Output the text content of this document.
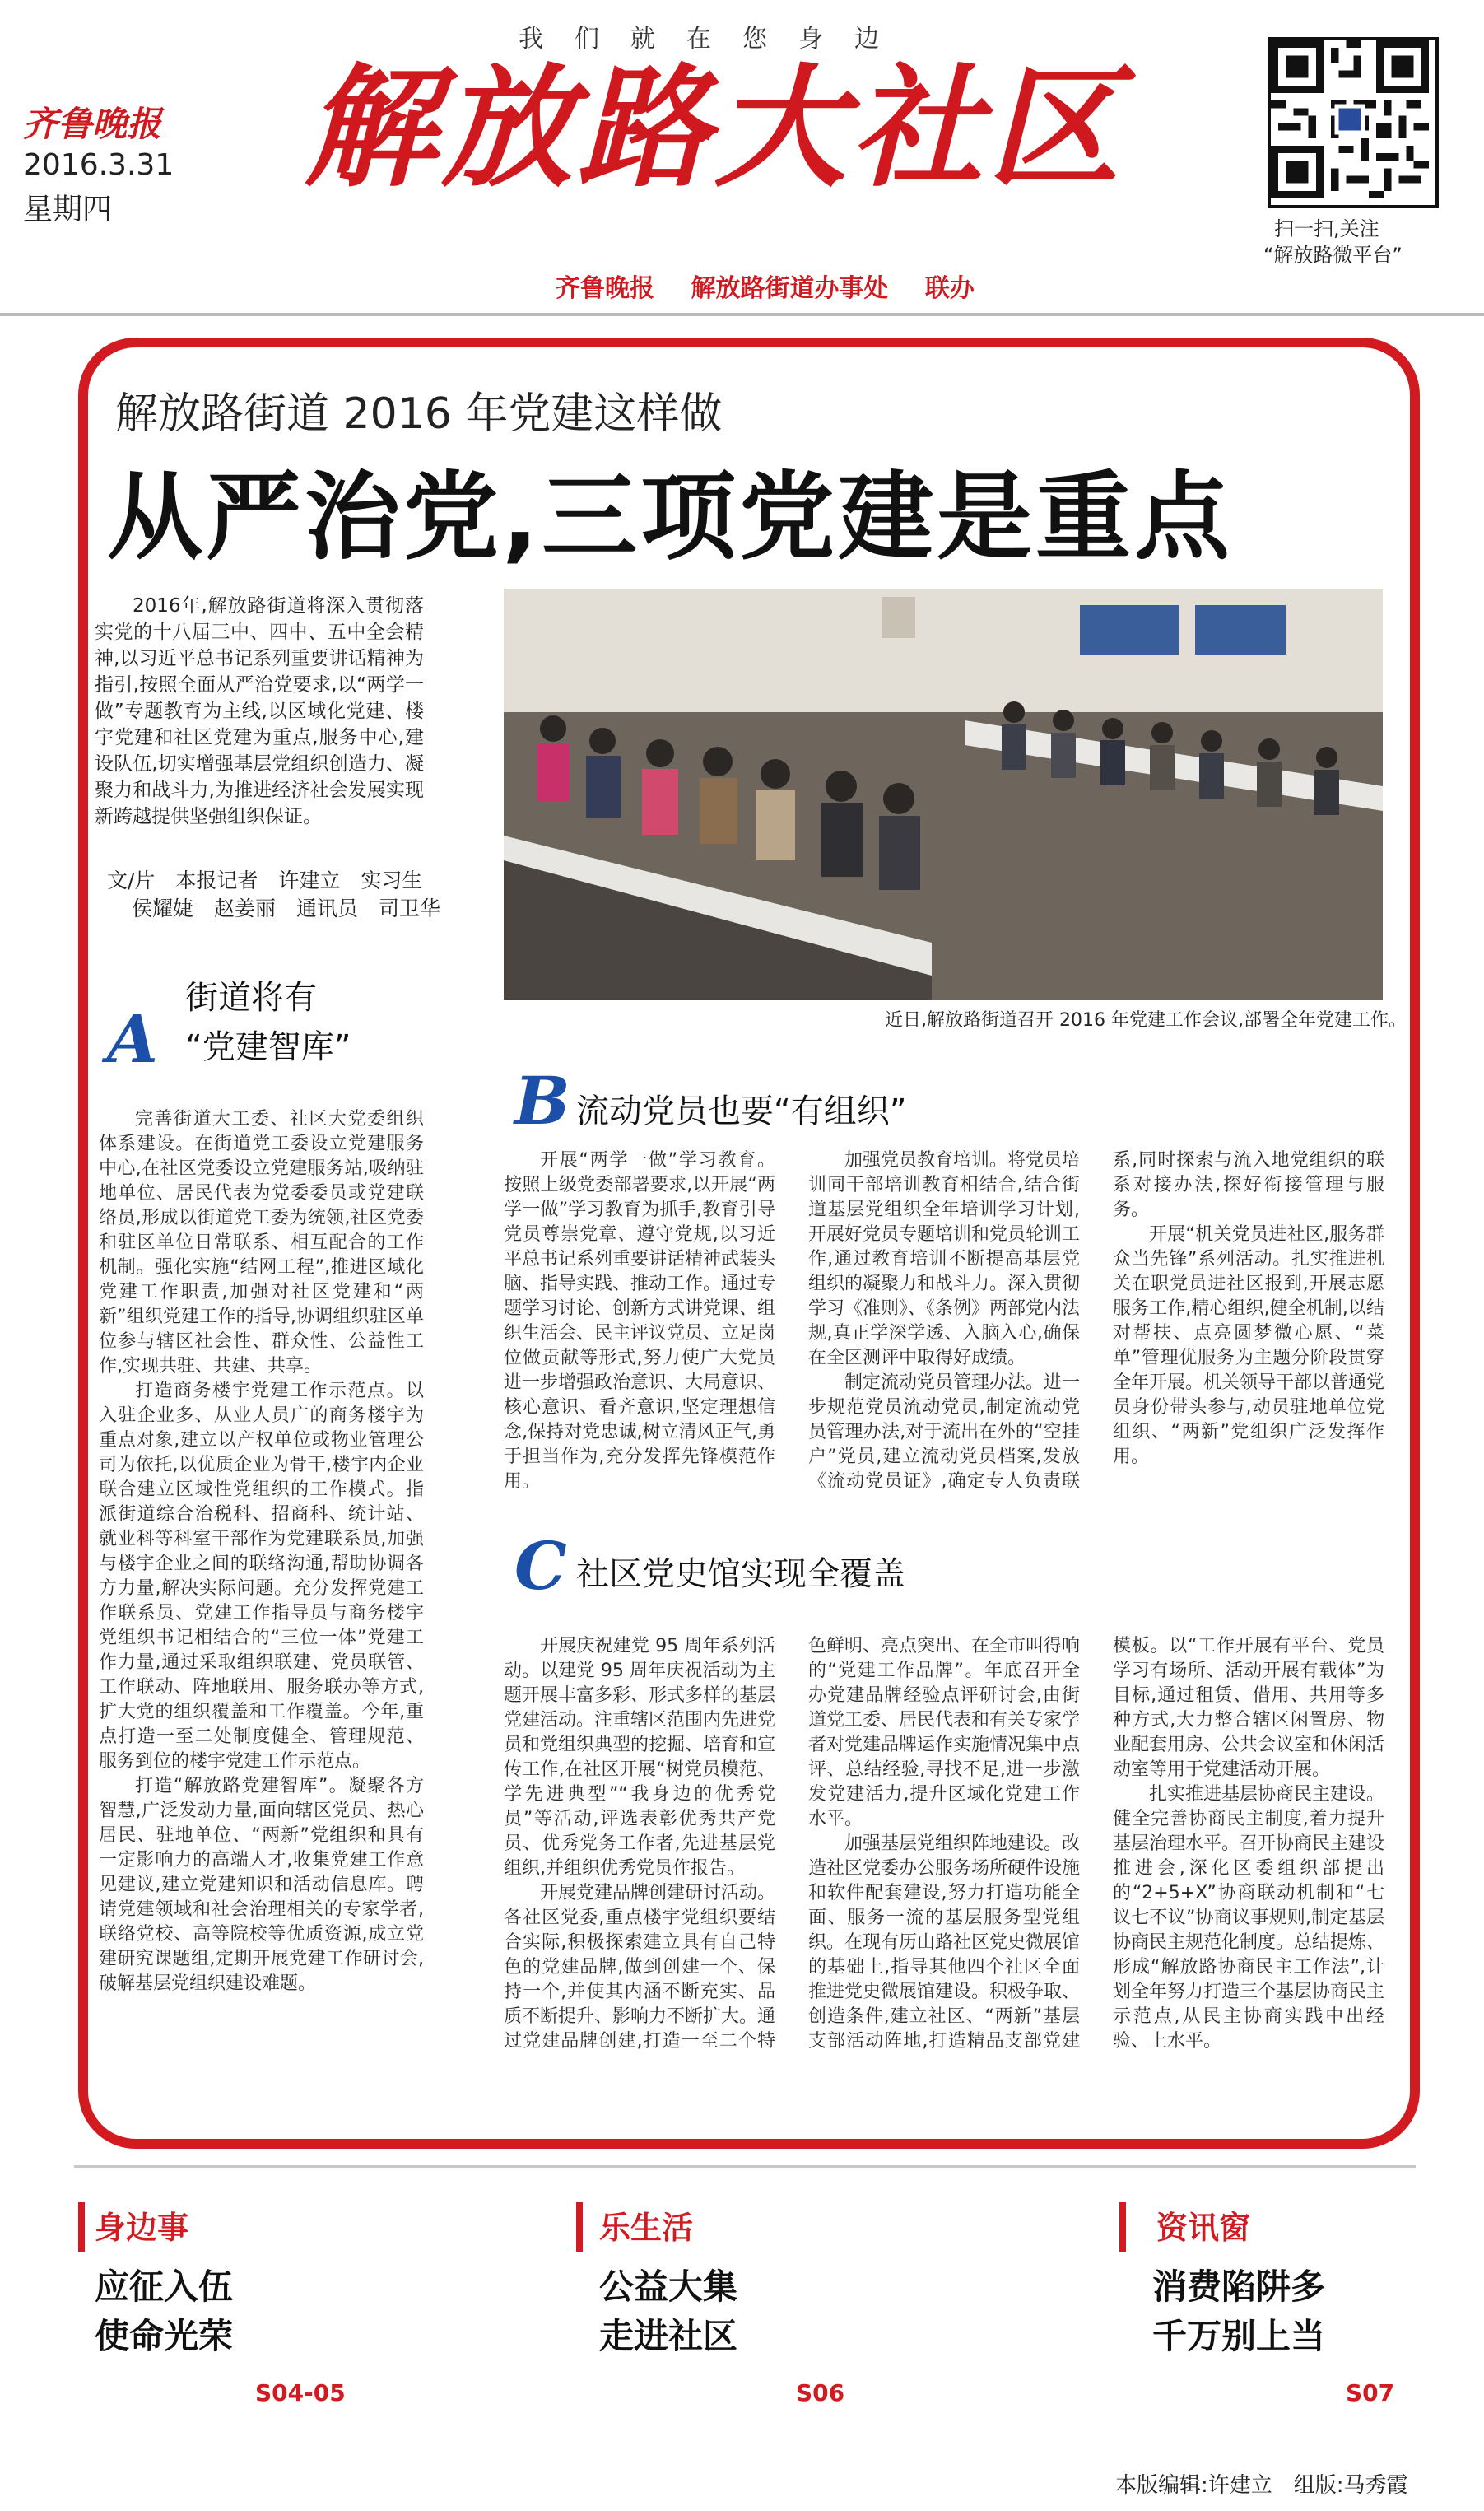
我们就在您身边
齐鲁晚报
2016.3.31
星期四
解放路大社区
齐鲁晚报 解放路街道办事处 联办
扫一扫,关注
“解放路微平台”
解放路街道 2016 年党建这样做
从严治党,三项党建是重点
2016年,解放路街道将深入贯彻落实党的十八届三中、四中、五中全会精神,以习近平总书记系列重要讲话精神为指引,按照全面从严治党要求,以“两学一做”专题教育为主线,以区域化党建、楼宇党建和社区党建为重点,服务中心,建设队伍,切实增强基层党组织创造力、凝聚力和战斗力,为推进经济社会发展实现新跨越提供坚强组织保证。
文/片　本报记者　许建立　实习生
侯耀婕　赵姜丽　通讯员　司卫华
近日,解放路街道召开 2016 年党建工作会议,部署全年党建工作。
A
街道将有
“党建智库”

完善街道大工委、社区大党委组织体系建设。在街道党工委设立党建服务中心,在社区党委设立党建服务站,吸纳驻地单位、居民代表为党委委员或党建联络员,形成以街道党工委为统领,社区党委和驻区单位日常联系、相互配合的工作机制。强化实施“结网工程”,推进区域化党建工作职责,加强对社区党建和“两新”组织党建工作的指导,协调组织驻区单位参与辖区社会性、群众性、公益性工作,实现共驻、共建、共享。

打造商务楼宇党建工作示范点。以入驻企业多、从业人员广的商务楼宇为重点对象,建立以产权单位或物业管理公司为依托,以优质企业为骨干,楼宇内企业联合建立区域性党组织的工作模式。指派街道综合治税科、招商科、统计站、就业科等科室干部作为党建联系员,加强与楼宇企业之间的联络沟通,帮助协调各方力量,解决实际问题。充分发挥党建工作联系员、党建工作指导员与商务楼宇党组织书记相结合的“三位一体”党建工作力量,通过采取组织联建、党员联管、工作联动、阵地联用、服务联办等方式,扩大党的组织覆盖和工作覆盖。今年,重点打造一至二处制度健全、管理规范、服务到位的楼宇党建工作示范点。

打造“解放路党建智库”。凝聚各方智慧,广泛发动力量,面向辖区党员、热心居民、驻地单位、“两新”党组织和具有一定影响力的高端人才,收集党建工作意见建议,建立党建知识和活动信息库。聘请党建领域和社会治理相关的专家学者,联络党校、高等院校等优质资源,成立党建研究课题组,定期开展党建工作研讨会,破解基层党组织建设难题。

B 流动党员也要“有组织”

开展“两学一做”学习教育。按照上级党委部署要求,以开展“两学一做”学习教育为抓手,教育引导党员尊崇党章、遵守党规,以习近平总书记系列重要讲话精神武装头脑、指导实践、推动工作。通过专题学习讨论、创新方式讲党课、组织生活会、民主评议党员、立足岗位做贡献等形式,努力使广大党员进一步增强政治意识、大局意识、核心意识、看齐意识,坚定理想信念,保持对党忠诚,树立清风正气,勇于担当作为,充分发挥先锋模范作用。

加强党员教育培训。将党员培训同干部培训教育相结合,结合街道基层党组织全年培训学习计划,开展好党员专题培训和党员轮训工作,通过教育培训不断提高基层党组织的凝聚力和战斗力。深入贯彻学习《准则》、《条例》两部党内法规,真正学深学透、入脑入心,确保在全区测评中取得好成绩。

制定流动党员管理办法。进一步规范党员流动党员,制定流动党员管理办法,对于流出在外的“空挂户”党员,建立流动党员档案,发放《流动党员证》,确定专人负责联系,同时探索与流入地党组织的联系对接办法,探好衔接管理与服务。

开展“机关党员进社区,服务群众当先锋”系列活动。扎实推进机关在职党员进社区报到,开展志愿服务工作,精心组织,健全机制,以结对帮扶、点亮圆梦微心愿、“菜单”管理优服务为主题分阶段贯穿全年开展。机关领导干部以普通党员身份带头参与,动员驻地单位党组织、“两新”党组织广泛发挥作用。

C 社区党史馆实现全覆盖

开展庆祝建党 95 周年系列活动。以建党 95 周年庆祝活动为主题开展丰富多彩、形式多样的基层党建活动。注重辖区范围内先进党员和党组织典型的挖掘、培育和宣传工作,在社区开展“树党员模范、学先进典型”“我身边的优秀党员”等活动,评选表彰优秀共产党员、优秀党务工作者,先进基层党组织,并组织优秀党员作报告。

开展党建品牌创建研讨活动。各社区党委,重点楼宇党组织要结合实际,积极探索建立具有自己特色的党建品牌,做到创建一个、保持一个,并使其内涵不断充实、品质不断提升、影响力不断扩大。通过党建品牌创建,打造一至二个特色鲜明、亮点突出、在全市叫得响的“党建工作品牌”。年底召开全办党建品牌经验点评研讨会,由街道党工委、居民代表和有关专家学者对党建品牌运作实施情况集中点评、总结经验,寻找不足,进一步激发党建活力,提升区域化党建工作水平。

加强基层党组织阵地建设。改造社区党委办公服务场所硬件设施和软件配套建设,努力打造功能全面、服务一流的基层服务型党组织。在现有历山路社区党史微展馆的基础上,指导其他四个社区全面推进党史微展馆建设。积极争取、创造条件,建立社区、“两新”基层支部活动阵地,打造精品支部党建模板。以“工作开展有平台、党员学习有场所、活动开展有载体”为目标,通过租赁、借用、共用等多种方式,大力整合辖区闲置房、物业配套用房、公共会议室和休闲活动室等用于党建活动开展。

扎实推进基层协商民主建设。健全完善协商民主制度,着力提升基层治理水平。召开协商民主建设推进会,深化区委组织部提出的“2+5+X”协商联动机制和“七议七不议”协商议事规则,制定基层协商民主规范化制度。总结提炼、形成“解放路协商民主工作法”,计划全年努力打造三个基层协商民主示范点,从民主协商实践中出经验、上水平。

身边事
应征入伍
使命光荣
S04-05
乐生活
公益大集
走进社区
S06
资讯窗
消费陷阱多
千万别上当
S07
本版编辑:许建立　组版:马秀霞
